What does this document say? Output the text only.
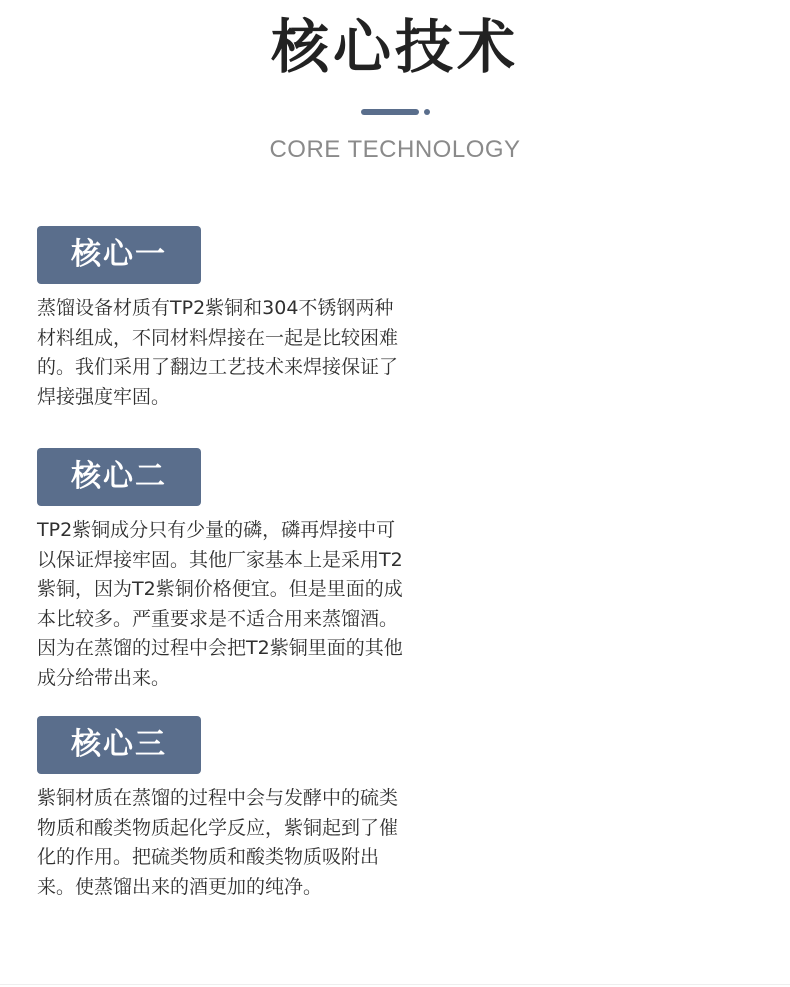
核心技术
CORE TECHNOLOGY
核心一
蒸馏设备材质有TP2紫铜和304不锈钢两种材料组成，不同材料焊接在一起是比较困难的。我们采用了翻边工艺技术来焊接保证了焊接强度牢固。
核心二
TP2紫铜成分只有少量的磷，磷再焊接中可以保证焊接牢固。其他厂家基本上是采用T2紫铜，因为T2紫铜价格便宜。但是里面的成本比较多。严重要求是不适合用来蒸馏酒。因为在蒸馏的过程中会把T2紫铜里面的其他成分给带出来。
核心三
紫铜材质在蒸馏的过程中会与发酵中的硫类物质和酸类物质起化学反应，紫铜起到了催化的作用。把硫类物质和酸类物质吸附出来。使蒸馏出来的酒更加的纯净。
